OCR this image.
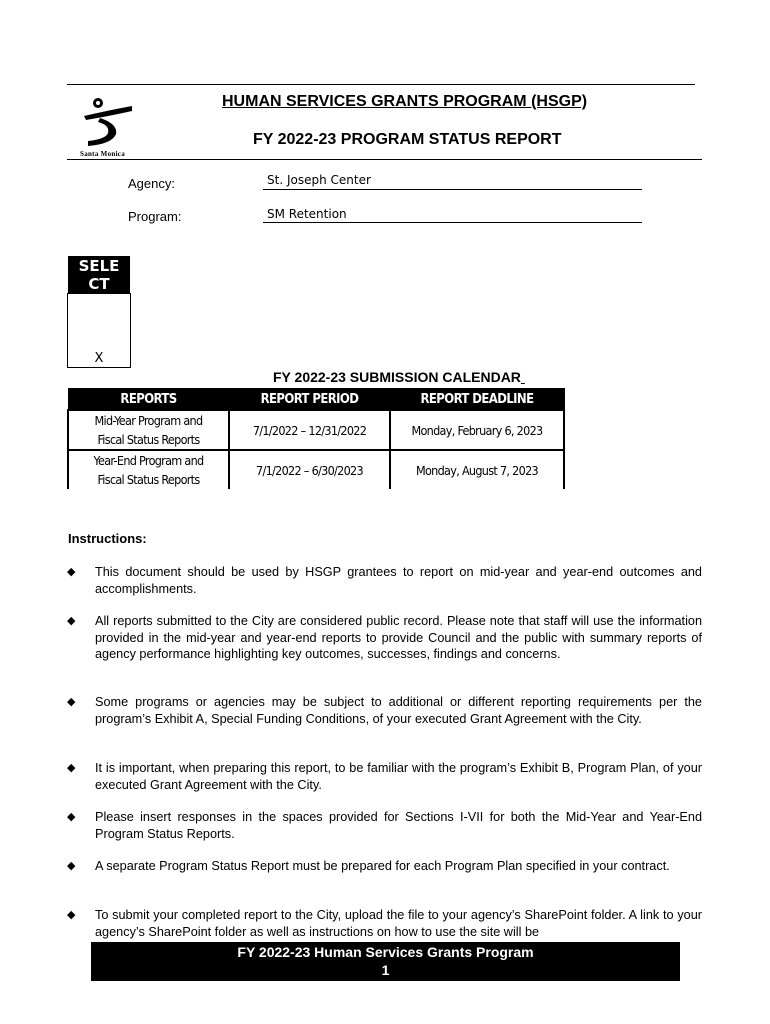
Santa Monica
HUMAN SERVICES GRANTS PROGRAM (HSGP)
FY 2022-23 PROGRAM STATUS REPORT
Agency:	St. Joseph Center
Program:	SM Retention
SELE
CT
X
FY 2022-23 SUBMISSION CALENDAR
REPORTS	REPORT PERIOD	REPORT DEADLINE

Mid-Year Program and
Fiscal Status Reports	7/1/2022 – 12/31/2022	Monday, February 6, 2023

Year-End Program and
Fiscal Status Reports	7/1/2022 – 6/30/2023	Monday, August 7, 2023
Instructions:
◆ This document should be used by HSGP grantees to report on mid-year and year-end outcomes and accomplishments.
◆ All reports submitted to the City are considered public record. Please note that staff will use the information provided in the mid-year and year-end reports to provide Council and the public with summary reports of agency performance highlighting key outcomes, successes, findings and concerns.
◆ Some programs or agencies may be subject to additional or different reporting requirements per the program’s Exhibit A, Special Funding Conditions, of your executed Grant Agreement with the City.
◆ It is important, when preparing this report, to be familiar with the program’s Exhibit B, Program Plan, of your executed Grant Agreement with the City.
◆ Please insert responses in the spaces provided for Sections I-VII for both the Mid-Year and Year-End Program Status Reports.
◆ A separate Program Status Report must be prepared for each Program Plan specified in your contract.
◆ To submit your completed report to the City, upload the file to your agency’s SharePoint folder. A link to your agency’s SharePoint folder as well as instructions on how to use the site will be
FY 2022-23 Human Services Grants Program
1
